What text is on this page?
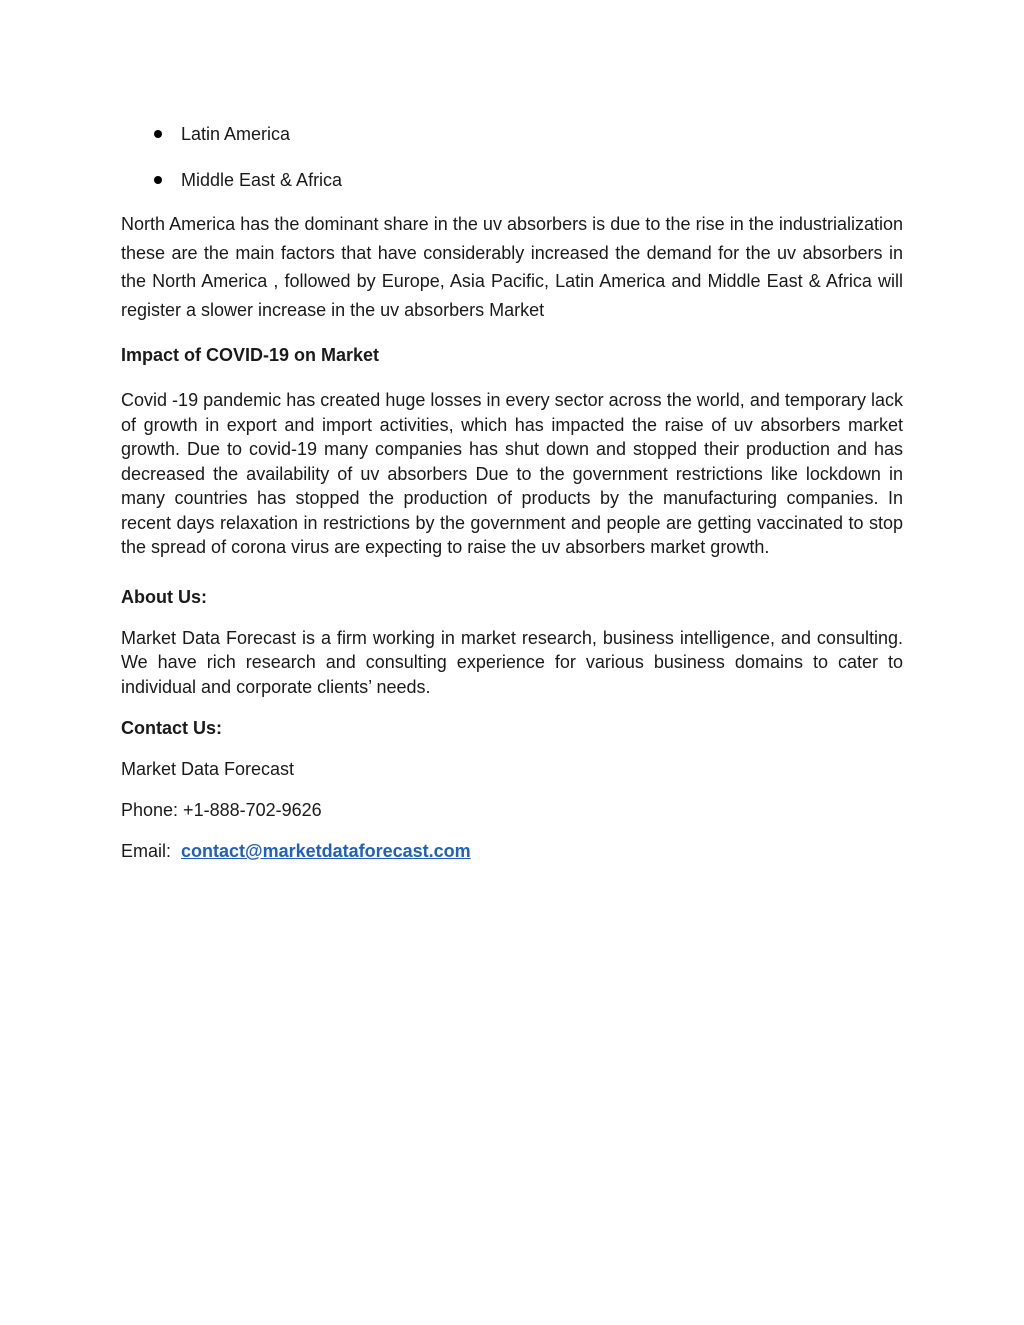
Latin America
Middle East & Africa

North America has the dominant share in the uv absorbers is due to the rise in the industrialization these are the main factors that have considerably increased the demand for the uv absorbers in the North America , followed by Europe, Asia Pacific, Latin America and Middle East & Africa will register a slower increase in the uv absorbers Market

Impact of COVID-19 on Market

Covid -19 pandemic has created huge losses in every sector across the world, and temporary lack of growth in export and import activities, which has impacted the raise of uv absorbers market growth. Due to covid-19 many companies has shut down and stopped their production and has decreased the availability of uv absorbers Due to the government restrictions like lockdown in many countries has stopped the production of products by the manufacturing companies. In recent days relaxation in restrictions by the government and people are getting vaccinated to stop the spread of corona virus are expecting to raise the uv absorbers market growth.

About Us:

Market Data Forecast is a firm working in market research, business intelligence, and consulting. We have rich research and consulting experience for various business domains to cater to individual and corporate clients’ needs.

Contact Us:

Market Data Forecast

Phone: +1-888-702-9626

Email: contact@marketdataforecast.com
